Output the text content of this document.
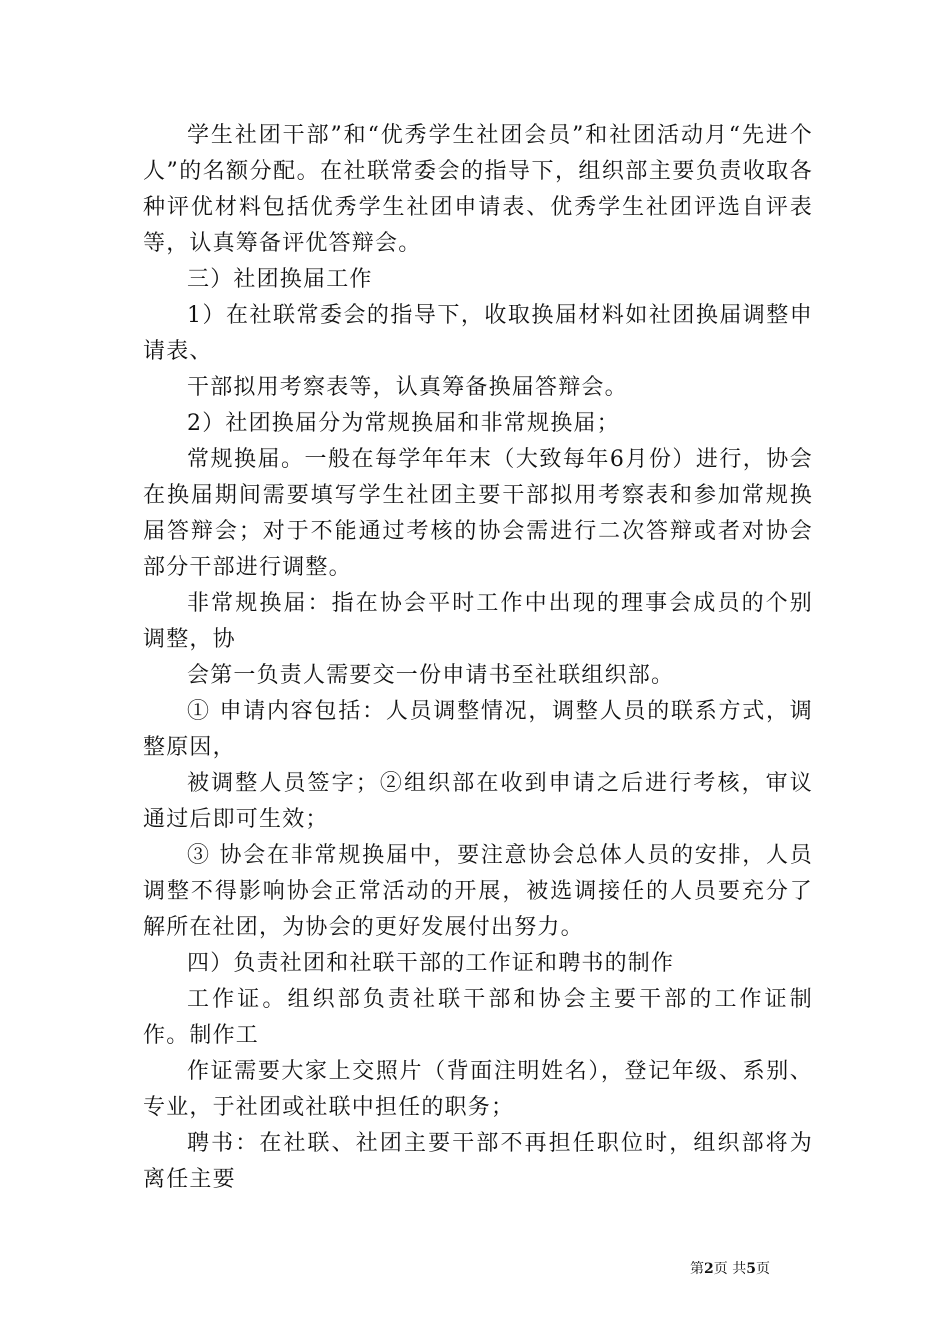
学生社团干部”和“优秀学生社团会员”和社团活动月“先进个人”的名额分配。在社联常委会的指导下，组织部主要负责收取各种评优材料包括优秀学生社团申请表、优秀学生社团评选自评表等，认真筹备评优答辩会。

三）社团换届工作

1）在社联常委会的指导下，收取换届材料如社团换届调整申请表、

干部拟用考察表等，认真筹备换届答辩会。

2）社团换届分为常规换届和非常规换届；

常规换届。一般在每学年年末（大致每年6月份）进行，协会在换届期间需要填写学生社团主要干部拟用考察表和参加常规换届答辩会；对于不能通过考核的协会需进行二次答辩或者对协会部分干部进行调整。

非常规换届：指在协会平时工作中出现的理事会成员的个别调整，协

会第一负责人需要交一份申请书至社联组织部。

① 申请内容包括：人员调整情况，调整人员的联系方式，调整原因，

被调整人员签字；②组织部在收到申请之后进行考核，审议通过后即可生效；

③ 协会在非常规换届中，要注意协会总体人员的安排，人员调整不得影响协会正常活动的开展，被选调接任的人员要充分了解所在社团，为协会的更好发展付出努力。

四）负责社团和社联干部的工作证和聘书的制作

工作证。组织部负责社联干部和协会主要干部的工作证制作。制作工

作证需要大家上交照片（背面注明姓名），登记年级、系别、专业，于社团或社联中担任的职务；

聘书：在社联、社团主要干部不再担任职位时，组织部将为离任主要

第2页 共5页
